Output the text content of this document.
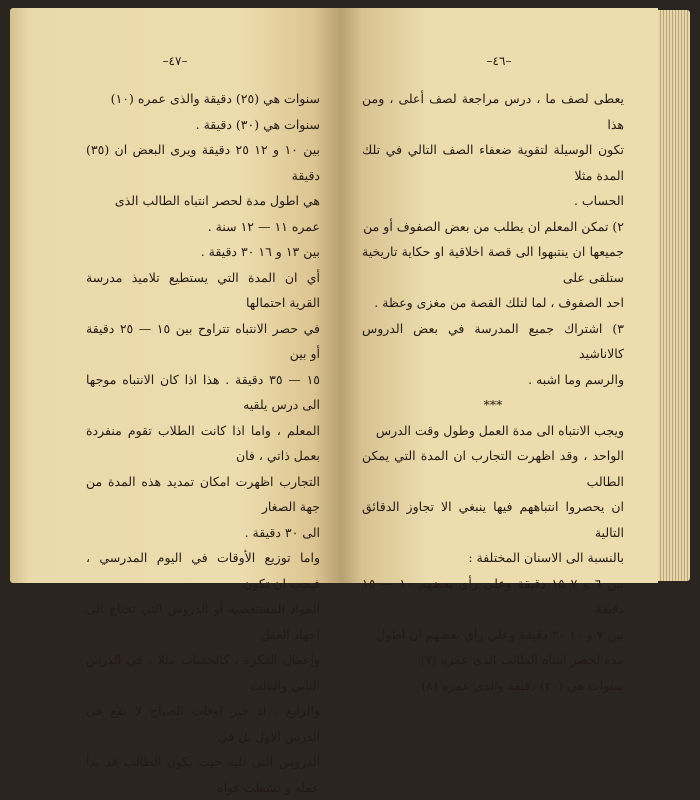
–٤٧–

سنوات هي (٢٥) دقيقة والذى عمره (١٠)

سنوات هي (٣٠) دقيقة .

بين ١٠ و ١٢ ٢٥ دقيقة ويرى البعض ان (٣٥) دقيقة

هي اطول مدة لحصر انتباه الطالب الذى

عمره ١١ — ١٢ سنة .

بين ١٣ و ١٦ ٣٠ دقيقة .

أي ان المدة التي يستطيع تلاميذ مدرسة القرية احتمالها

في حصر الانتباه تتراوح بين ١٥ — ٢٥ دقيقة أو بين

١٥ — ٣٥ دقيقة . هذا اذا كان الانتباه موجها الى درس يلقيه

المعلم ، واما اذا كانت الطلاب تقوم منفردة بعمل ذاتي ، فان

التجارب اظهرت امكان تمديد هذه المدة من جهة الصغار

الى ٣٠ دقيقة .

واما توزيع الأوقات في اليوم المدرسي ، فيجب ان تكون

المواد المستعصية أو الدروس التي تحتاج الى اجهاد العقل

وإعمال الفكرة ، كالحساب مثلا ، في الدرس الثاني والثالث

والرابع ، اذ خير اوقات الصباح لا تقع في الدرس الاول بل في

الدروس التي تليه حيث يكون الطالب قد بدأ عمله و نشطت قواه

–٤٦–

يعطى لصف ما ، درس مراجعة لصف أعلى ، ومن هذا

تكون الوسيلة لتقوية ضعفاء الصف التالي في تلك المدة مثلا

الحساب .

٢) تمكن المعلم ان يطلب من بعض الصفوف أو من

جميعها ان ينتبهوا الى قصة اخلاقية او حكاية تاريخية ستلقى على

احد الصفوف ، لما لتلك القصة من مغزى وعظة .

٣) اشتراك جميع المدرسة في بعض الدروس كالاناشيد

والرسم وما اشبه .

***

ويجب الانتباه الى مدة العمل وطول وقت الدرس

الواحد ، وقد اظهرت التجارب ان المدة التي يمكن الطالب

ان يحصروا انتباههم فيها ينبغي الا تجاوز الدقائق التالية

بالنسبة الى الاسنان المختلفة :

بين ٦ و ٧ ١٥ دقيقة وعلى رأي بعضهم ١٠ — ١٥ دقيقة

بين ٧ و ١٠ ٢٠ دقيقة وعلى رأي بعضهم ان اطول

مدة لحصر انتباه الطالب الذى عمره (٧)

سنوات هي (٢٠) دقيقة والذى عمره (٨)
